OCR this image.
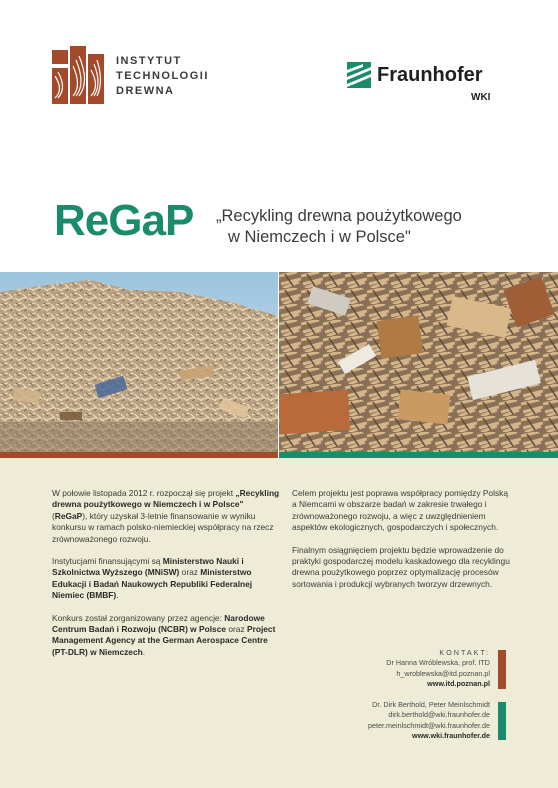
INSTYTUT
TECHNOLOGII
DREWNA
Fraunhofer
WKI
ReGaP „Recykling drewna poużytkowego
w Niemczech i w Polsce"

W połowie listopada 2012 r. rozpoczął się projekt „Recykling drewna poużytkowego w Niemczech i w Polsce" (ReGaP), który uzyskał 3-letnie finansowanie w wyniku konkursu w ramach polsko-niemieckiej współpracy na rzecz zrównoważonego rozwoju.

Instytucjami finansującymi są Ministerstwo Nauki i Szkolnictwa Wyższego (MNiSW) oraz Ministerstwo Edukacji i Badań Naukowych Republiki Federalnej Niemiec (BMBF).

Konkurs został zorganizowany przez agencje: Narodowe Centrum Badań i Rozwoju (NCBR) w Polsce oraz Project Management Agency at the German Aerospace Centre (PT-DLR) w Niemczech.

Celem projektu jest poprawa współpracy pomiędzy Polską a Niemcami w obszarze badań w zakresie trwałego i zrównoważonego rozwoju, a więc z uwzględnieniem aspektów ekologicznych, gospodarczych i społecznych.

Finalnym osiągnięciem projektu będzie wprowadzenie do praktyki gospodarczej modelu kaskadowego dla recyklingu drewna poużytkowego poprzez optymalizację procesów sortowania i produkcji wybranych tworzyw drzewnych.

KONTAKT:
Dr Hanna Wróblewska, prof. ITD
h_wroblewska@itd.poznan.pl
www.itd.poznan.pl
Dr. Dirk Berthold, Peter Meinlschmidt
dirk.berthold@wki.fraunhofer.de
peter.meinlschmidt@wki.fraunhofer.de
www.wki.fraunhofer.de
